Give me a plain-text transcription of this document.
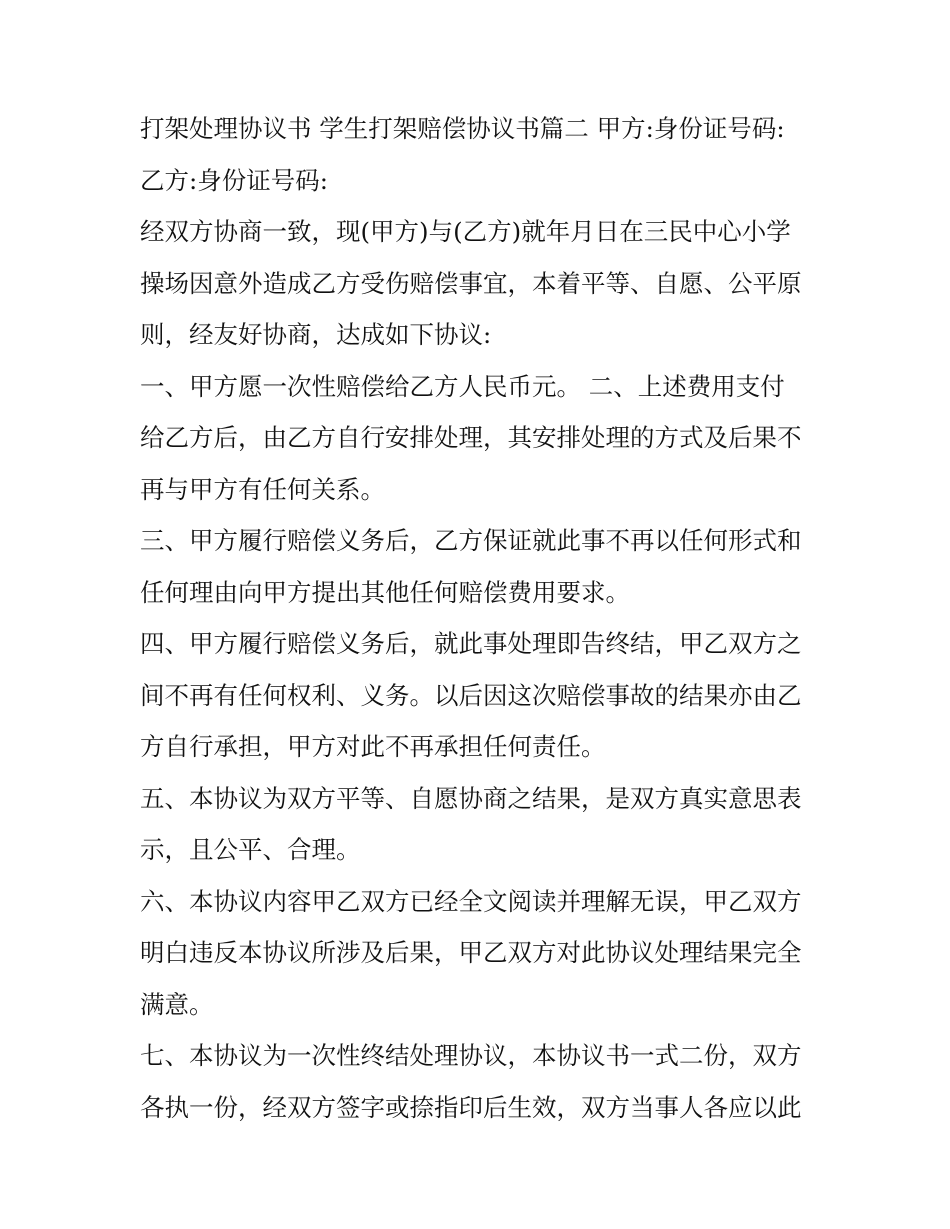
打架处理协议书 学生打架赔偿协议书篇二 甲方:身份证号码:
乙方:身份证号码:
经双方协商一致，现(甲方)与(乙方)就年月日在三民中心小学
操场因意外造成乙方受伤赔偿事宜，本着平等、自愿、公平原
则，经友好协商，达成如下协议:
一、甲方愿一次性赔偿给乙方人民币元。 二、上述费用支付
给乙方后，由乙方自行安排处理，其安排处理的方式及后果不
再与甲方有任何关系。
三、甲方履行赔偿义务后，乙方保证就此事不再以任何形式和
任何理由向甲方提出其他任何赔偿费用要求。
四、甲方履行赔偿义务后，就此事处理即告终结，甲乙双方之
间不再有任何权利、义务。以后因这次赔偿事故的结果亦由乙
方自行承担，甲方对此不再承担任何责任。
五、本协议为双方平等、自愿协商之结果，是双方真实意思表
示，且公平、合理。
六、本协议内容甲乙双方已经全文阅读并理解无误，甲乙双方
明白违反本协议所涉及后果，甲乙双方对此协议处理结果完全
满意。
七、本协议为一次性终结处理协议，本协议书一式二份，双方
各执一份，经双方签字或捺指印后生效，双方当事人各应以此
